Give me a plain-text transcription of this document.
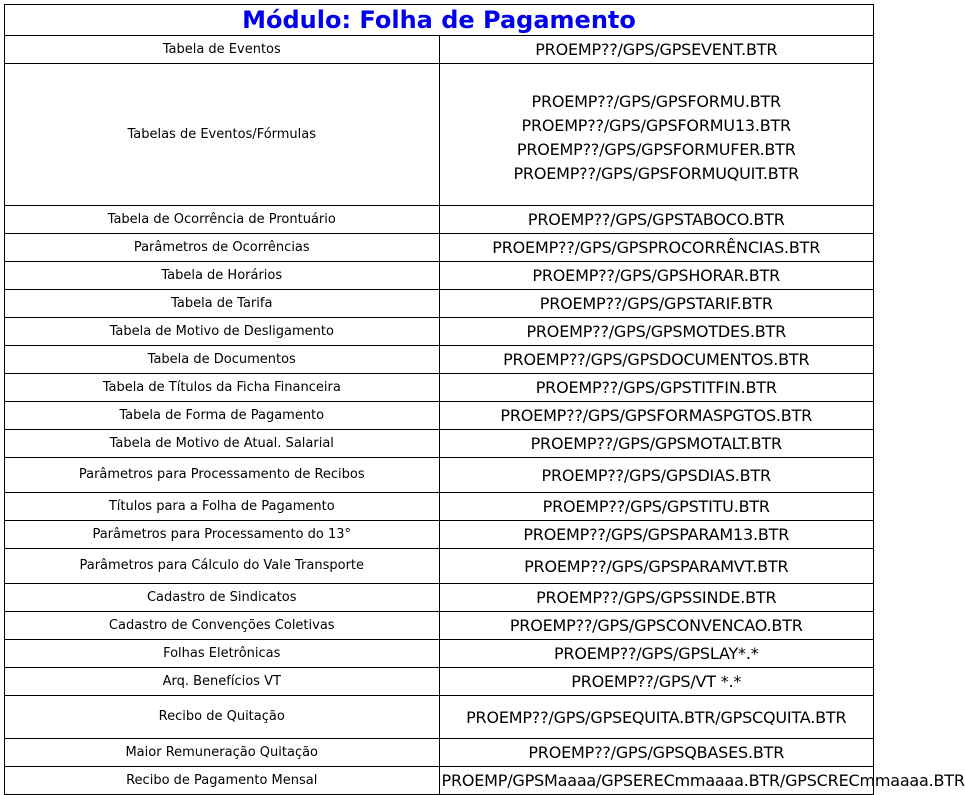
Módulo: Folha de Pagamento	
Tabela de Eventos	PROEMP??/GPS/GPSEVENT.BTR
Tabelas de Eventos/Fórmulas	PROEMP??/GPS/GPSFORMU.BTR
PROEMP??/GPS/GPSFORMU13.BTR
PROEMP??/GPS/GPSFORMUFER.BTR
PROEMP??/GPS/GPSFORMUQUIT.BTR

Tabela de Ocorrência de Prontuário	PROEMP??/GPS/GPSTABOCO.BTR
Parâmetros de Ocorrências	PROEMP??/GPS/GPSPROCORRÊNCIAS.BTR
Tabela de Horários	PROEMP??/GPS/GPSHORAR.BTR
Tabela de Tarifa	PROEMP??/GPS/GPSTARIF.BTR
Tabela de Motivo de Desligamento	PROEMP??/GPS/GPSMOTDES.BTR
Tabela de Documentos	PROEMP??/GPS/GPSDOCUMENTOS.BTR
Tabela de Títulos da Ficha Financeira	PROEMP??/GPS/GPSTITFIN.BTR
Tabela de Forma de Pagamento	PROEMP??/GPS/GPSFORMASPGTOS.BTR
Tabela de Motivo de Atual. Salarial	PROEMP??/GPS/GPSMOTALT.BTR
Parâmetros para Processamento de Recibos	PROEMP??/GPS/GPSDIAS.BTR
Títulos para a Folha de Pagamento	PROEMP??/GPS/GPSTITU.BTR
Parâmetros para Processamento do 13°	PROEMP??/GPS/GPSPARAM13.BTR
Parâmetros para Cálculo do Vale Transporte	PROEMP??/GPS/GPSPARAMVT.BTR
Cadastro de Sindicatos	PROEMP??/GPS/GPSSINDE.BTR
Cadastro de Convenções Coletivas	PROEMP??/GPS/GPSCONVENCAO.BTR
Folhas Eletrônicas	PROEMP??/GPS/GPSLAY*.*
Arq. Benefícios VT	PROEMP??/GPS/VT *.*
Recibo de Quitação	PROEMP??/GPS/GPSEQUITA.BTR/GPSCQUITA.BTR
Maior Remuneração Quitação	PROEMP??/GPS/GPSQBASES.BTR
Recibo de Pagamento Mensal	PROEMP/GPSMaaaa/GPSERECmmaaaa.BTR/GPSCRECmmaaaa.BTR
